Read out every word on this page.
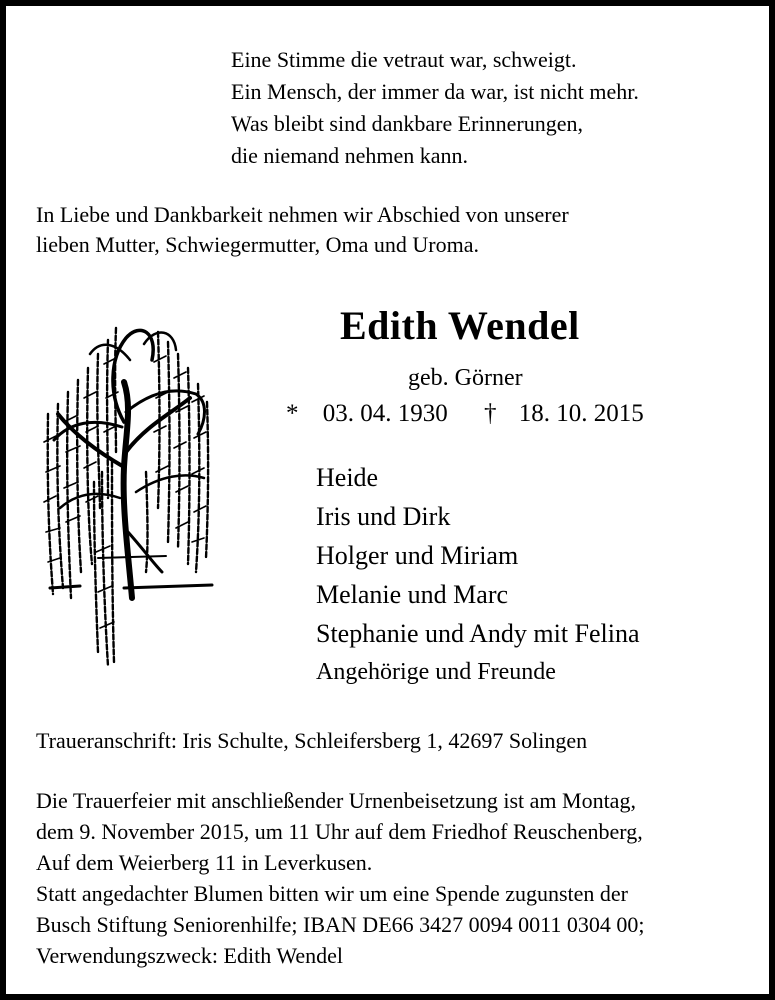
Eine Stimme die vetraut war, schweigt.
Ein Mensch, der immer da war, ist nicht mehr.
Was bleibt sind dankbare Erinnerungen,
die niemand nehmen kann.
In Liebe und Dankbarkeit nehmen wir Abschied von unserer
lieben Mutter, Schwiegermutter, Oma und Uroma.
Edith Wendel
geb. Görner
* 03. 04. 1930 † 18. 10. 2015
Heide
Iris und Dirk
Holger und Miriam
Melanie und Marc
Stephanie und Andy mit Felina
Angehörige und Freunde
Traueranschrift: Iris Schulte, Schleifersberg 1, 42697 Solingen
Die Trauerfeier mit anschließender Urnenbeisetzung ist am Montag,
dem 9. November 2015, um 11 Uhr auf dem Friedhof Reuschenberg,
Auf dem Weierberg 11 in Leverkusen.
Statt angedachter Blumen bitten wir um eine Spende zugunsten der
Busch Stiftung Seniorenhilfe; IBAN DE66 3427 0094 0011 0304 00;
Verwendungszweck: Edith Wendel
